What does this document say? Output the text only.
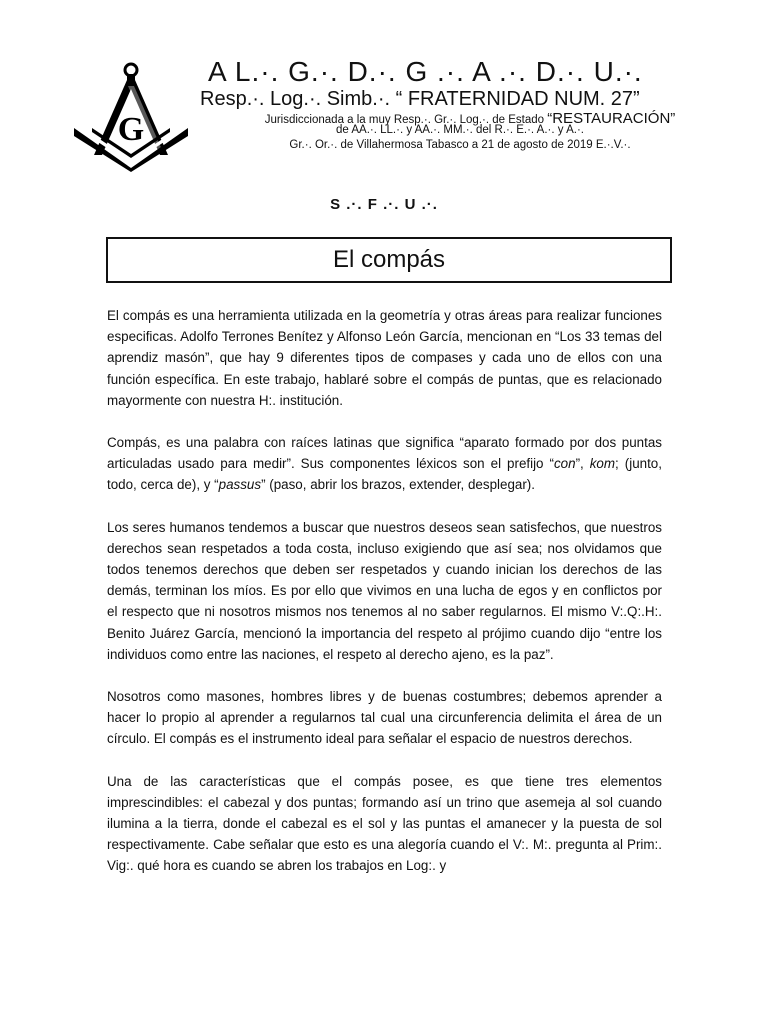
G
A L.·. G.·. D.·. G .·. A .·. D.·. U.·.
Resp.·. Log.·. Simb.·. “ FRATERNIDAD NUM. 27”
Jurisdiccionada a la muy Resp.·. Gr.·. Log.·. de Estado “RESTAURACIÓN”
de AA.·. LL.·. y AA.·. MM.·. del R.·. E.·. A.·. y A.·.
Gr.·. Or.·. de Villahermosa Tabasco a 21 de agosto de 2019 E.·.V.·.
S .·. F .·. U .·.
El compás

El compás es una herramienta utilizada en la geometría y otras áreas para realizar funciones especificas. Adolfo Terrones Benítez y Alfonso León García, mencionan en “Los 33 temas del aprendiz masón”, que hay 9 diferentes tipos de compases y cada uno de ellos con una función específica. En este trabajo, hablaré sobre el compás de puntas, que es relacionado mayormente con nuestra H:. institución.

Compás, es una palabra con raíces latinas que significa “aparato formado por dos puntas articuladas usado para medir”. Sus componentes léxicos son el prefijo “con”, kom; (junto, todo, cerca de), y “passus” (paso, abrir los brazos, extender, desplegar).

Los seres humanos tendemos a buscar que nuestros deseos sean satisfechos, que nuestros derechos sean respetados a toda costa, incluso exigiendo que así sea; nos olvidamos que todos tenemos derechos que deben ser respetados y cuando inician los derechos de las demás, terminan los míos. Es por ello que vivimos en una lucha de egos y en conflictos por el respecto que ni nosotros mismos nos tenemos al no saber regularnos. El mismo V:.Q:.H:. Benito Juárez García, mencionó la importancia del respeto al prójimo cuando dijo “entre los individuos como entre las naciones, el respeto al derecho ajeno, es la paz”.

Nosotros como masones, hombres libres y de buenas costumbres; debemos aprender a hacer lo propio al aprender a regularnos tal cual una circunferencia delimita el área de un círculo. El compás es el instrumento ideal para señalar el espacio de nuestros derechos.

Una de las características que el compás posee, es que tiene tres elementos imprescindibles: el cabezal y dos puntas; formando así un trino que asemeja al sol cuando ilumina a la tierra, donde el cabezal es el sol y las puntas el amanecer y la puesta de sol respectivamente. Cabe señalar que esto es una alegoría cuando el V:. M:. pregunta al Prim:. Vig:. qué hora es cuando se abren los trabajos en Log:. y
